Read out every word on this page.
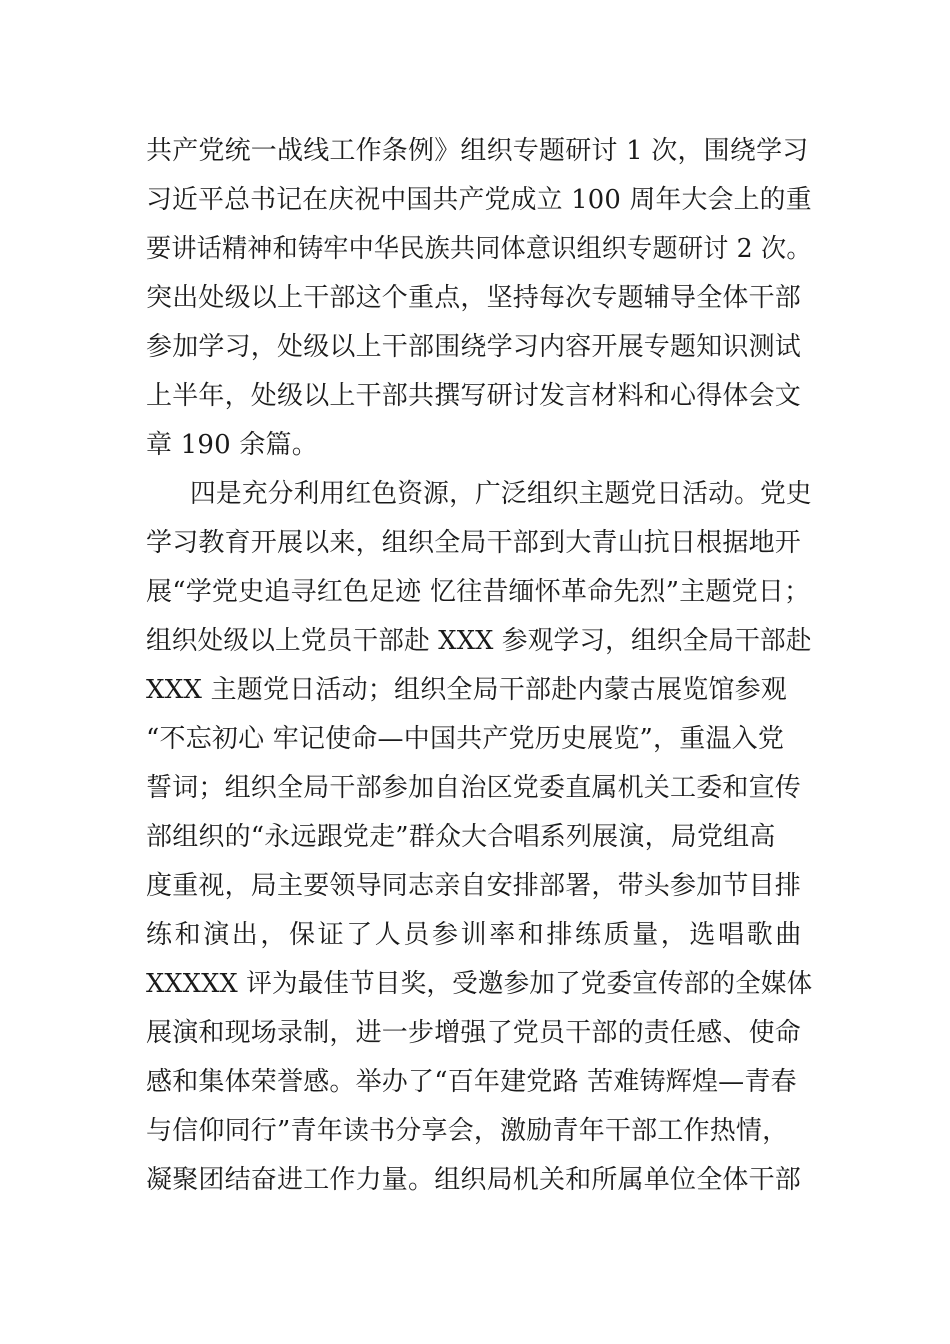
共产党统一战线工作条例》组织专题研讨 1 次，围绕学习
习近平总书记在庆祝中国共产党成立 100 周年大会上的重
要讲话精神和铸牢中华民族共同体意识组织专题研讨 2 次。
突出处级以上干部这个重点，坚持每次专题辅导全体干部
参加学习，处级以上干部围绕学习内容开展专题知识测试
上半年，处级以上干部共撰写研讨发言材料和心得体会文
章 190 余篇。
四是充分利用红色资源，广泛组织主题党日活动。党史
学习教育开展以来，组织全局干部到大青山抗日根据地开
展“学党史追寻红色足迹 忆往昔缅怀革命先烈”主题党日；
组织处级以上党员干部赴 XXX 参观学习，组织全局干部赴
XXX 主题党日活动；组织全局干部赴内蒙古展览馆参观
“不忘初心 牢记使命—中国共产党历史展览”，重温入党
誓词；组织全局干部参加自治区党委直属机关工委和宣传
部组织的“永远跟党走”群众大合唱系列展演，局党组高
度重视，局主要领导同志亲自安排部署，带头参加节目排
练和演出，保证了人员参训率和排练质量，选唱歌曲
XXXXX 评为最佳节目奖，受邀参加了党委宣传部的全媒体
展演和现场录制，进一步增强了党员干部的责任感、使命
感和集体荣誉感。举办了“百年建党路 苦难铸辉煌—青春
与信仰同行”青年读书分享会，激励青年干部工作热情，
凝聚团结奋进工作力量。组织局机关和所属单位全体干部
